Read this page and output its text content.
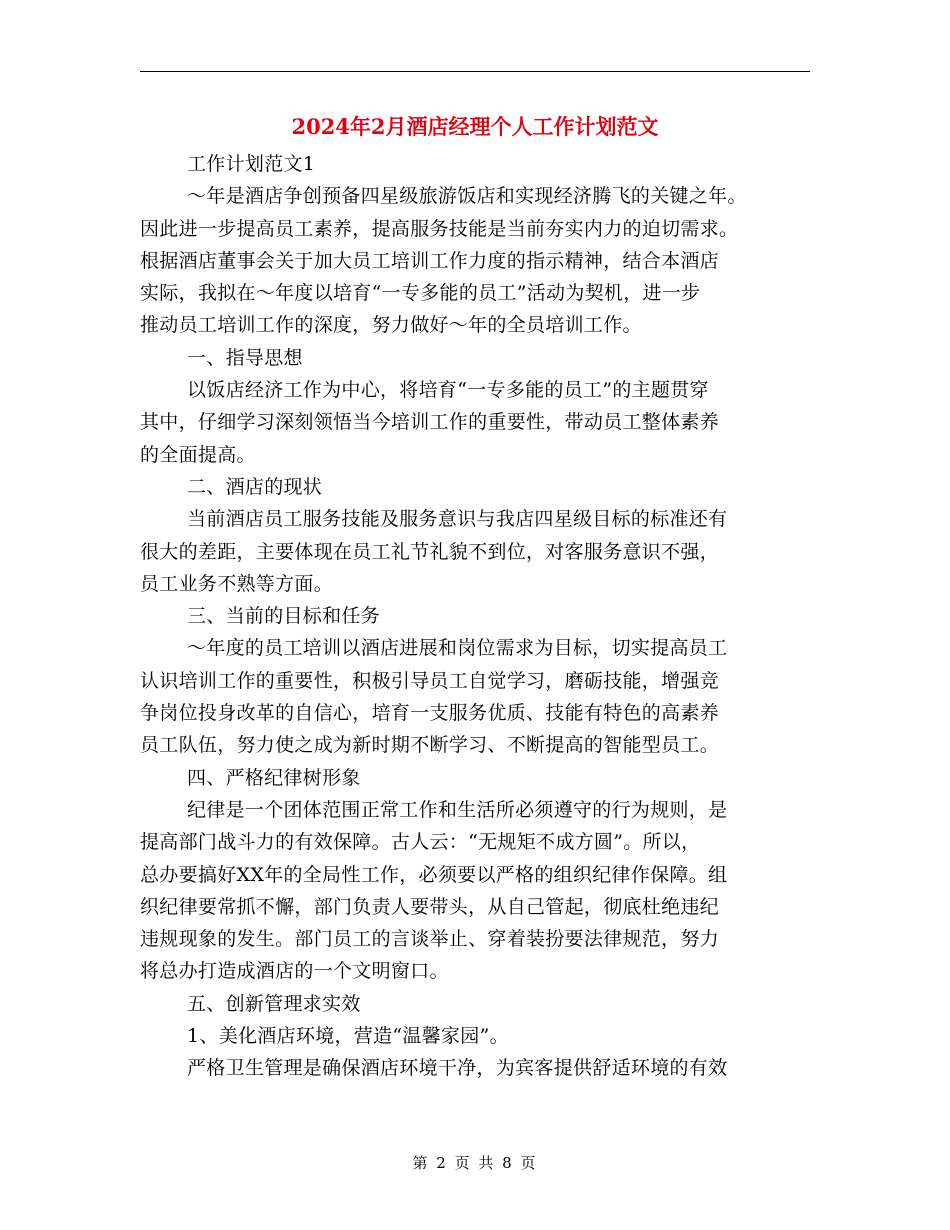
2024年2月酒店经理个人工作计划范文
工作计划范文1
～年是酒店争创预备四星级旅游饭店和实现经济腾飞的关键之年。
因此进一步提高员工素养，提高服务技能是当前夯实内力的迫切需求。
根据酒店董事会关于加大员工培训工作力度的指示精神，结合本酒店
实际，我拟在～年度以培育“一专多能的员工”活动为契机，进一步
推动员工培训工作的深度，努力做好～年的全员培训工作。
一、指导思想
以饭店经济工作为中心，将培育“一专多能的员工”的主题贯穿
其中，仔细学习深刻领悟当今培训工作的重要性，带动员工整体素养
的全面提高。
二、酒店的现状
当前酒店员工服务技能及服务意识与我店四星级目标的标准还有
很大的差距，主要体现在员工礼节礼貌不到位，对客服务意识不强，
员工业务不熟等方面。
三、当前的目标和任务
～年度的员工培训以酒店进展和岗位需求为目标，切实提高员工
认识培训工作的重要性，积极引导员工自觉学习，磨砺技能，增强竞
争岗位投身改革的自信心，培育一支服务优质、技能有特色的高素养
员工队伍，努力使之成为新时期不断学习、不断提高的智能型员工。
四、严格纪律树形象
纪律是一个团体范围正常工作和生活所必须遵守的行为规则，是
提高部门战斗力的有效保障。古人云：“无规矩不成方圆”。所以，
总办要搞好XX年的全局性工作，必须要以严格的组织纪律作保障。组
织纪律要常抓不懈，部门负责人要带头，从自己管起，彻底杜绝违纪
违规现象的发生。部门员工的言谈举止、穿着装扮要法律规范，努力
将总办打造成酒店的一个文明窗口。
五、创新管理求实效
1、美化酒店环境，营造“温馨家园”。
严格卫生管理是确保酒店环境干净，为宾客提供舒适环境的有效
第 2 页 共 8 页
